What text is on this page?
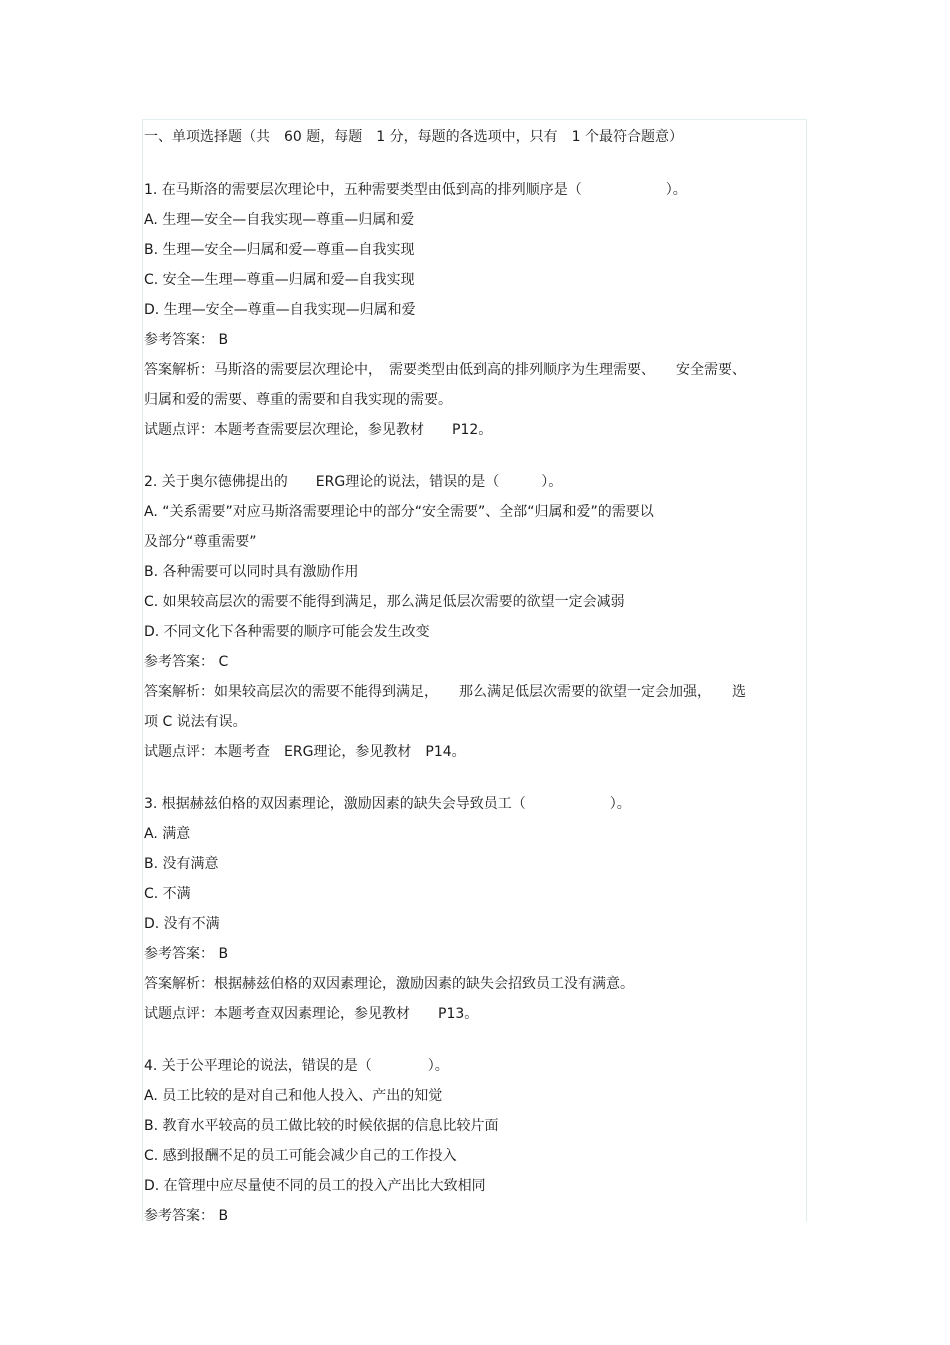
一、单项选择题（共　60 题，每题　1 分，每题的各选项中，只有　1 个最符合题意）
1. 在马斯洛的需要层次理论中，五种需要类型由低到高的排列顺序是（　　　　　　）。
A. 生理—安全—自我实现—尊重—归属和爱
B. 生理—安全—归属和爱—尊重—自我实现
C. 安全—生理—尊重—归属和爱—自我实现
D. 生理—安全—尊重—自我实现—归属和爱
参考答案： B
答案解析：马斯洛的需要层次理论中，　需要类型由低到高的排列顺序为生理需要、　　安全需要、
归属和爱的需要、尊重的需要和自我实现的需要。
试题点评：本题考查需要层次理论，参见教材　　P12。
2. 关于奥尔德佛提出的　　ERG理论的说法，错误的是（　　　）。
A. “关系需要”对应马斯洛需要理论中的部分“安全需要”、全部“归属和爱”的需要以
及部分“尊重需要”
B. 各种需要可以同时具有激励作用
C. 如果较高层次的需要不能得到满足，那么满足低层次需要的欲望一定会减弱
D. 不同文化下各种需要的顺序可能会发生改变
参考答案： C
答案解析：如果较高层次的需要不能得到满足，　　那么满足低层次需要的欲望一定会加强，　　选
项 C 说法有误。
试题点评：本题考查　ERG理论，参见教材　P14。
3. 根据赫兹伯格的双因素理论，激励因素的缺失会导致员工（　　　　　　）。
A. 满意
B. 没有满意
C. 不满
D. 没有不满
参考答案： B
答案解析：根据赫兹伯格的双因素理论，激励因素的缺失会招致员工没有满意。
试题点评：本题考查双因素理论，参见教材　　P13。
4. 关于公平理论的说法，错误的是（　　　　）。
A. 员工比较的是对自己和他人投入、产出的知觉
B. 教育水平较高的员工做比较的时候依据的信息比较片面
C. 感到报酬不足的员工可能会减少自己的工作投入
D. 在管理中应尽量使不同的员工的投入产出比大致相同
参考答案： B
